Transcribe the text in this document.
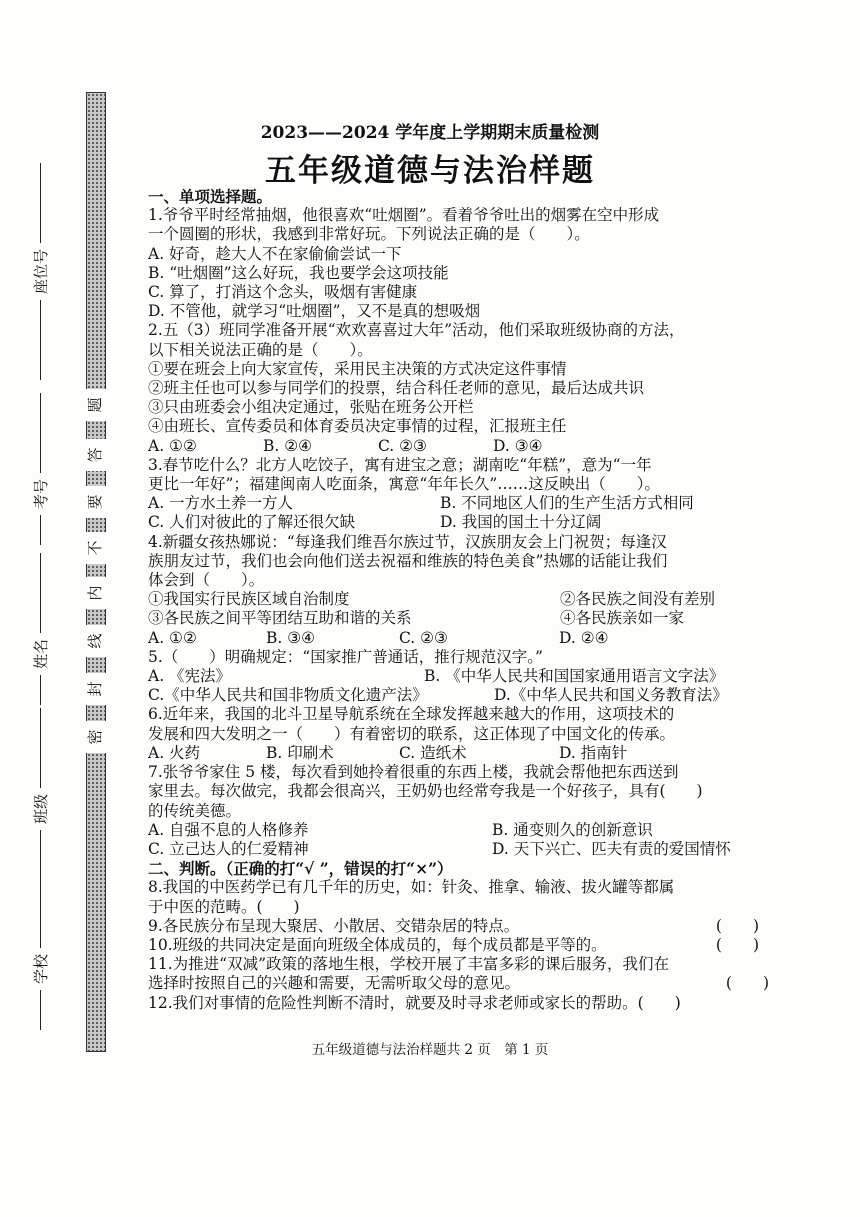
题
答
要
不
内
线
封
密
座位号
考号
姓名
班级
学校
2023——2024 学年度上学期期末质量检测
五年级道德与法治样题
一、单项选择题。
1.爷爷平时经常抽烟，他很喜欢“吐烟圈”。看着爷爷吐出的烟雾在空中形成
一个圆圈的形状，我感到非常好玩。下列说法正确的是（　　）。
A. 好奇，趁大人不在家偷偷尝试一下
B. “吐烟圈”这么好玩，我也要学会这项技能
C. 算了，打消这个念头，吸烟有害健康
D. 不管他，就学习“吐烟圈”，又不是真的想吸烟
2.五（3）班同学准备开展“欢欢喜喜过大年”活动，他们采取班级协商的方法，
以下相关说法正确的是（　　）。
①要在班会上向大家宣传，采用民主决策的方式决定这件事情
②班主任也可以参与同学们的投票，结合科任老师的意见，最后达成共识
③只由班委会小组决定通过，张贴在班务公开栏
④由班长、宣传委员和体育委员决定事情的过程，汇报班主任
A. ①②	B. ②④	C. ②③	D. ③④
3.春节吃什么？北方人吃饺子，寓有进宝之意；湖南吃“年糕”，意为“一年
更比一年好”；福建闽南人吃面条，寓意“年年长久”……这反映出（　　）。
A. 一方水土养一方人	B. 不同地区人们的生产生活方式相同
C. 人们对彼此的了解还很欠缺	D. 我国的国土十分辽阔
4.新疆女孩热娜说：“每逢我们维吾尔族过节，汉族朋友会上门祝贺；每逢汉
族朋友过节，我们也会向他们送去祝福和维族的特色美食”热娜的话能让我们
体会到（　　）。
①我国实行民族区域自治制度	②各民族之间没有差别
③各民族之间平等团结互助和谐的关系	④各民族亲如一家
A. ①②	B. ③④	C. ②③	D. ②④
5.（　　）明确规定：“国家推广普通话，推行规范汉字。”
A. 《宪法》	B. 《中华人民共和国国家通用语言文字法》
C.《中华人民共和国非物质文化遗产法》	D.《中华人民共和国义务教育法》
6.近年来，我国的北斗卫星导航系统在全球发挥越来越大的作用，这项技术的
发展和四大发明之一（　　）有着密切的联系，这正体现了中国文化的传承。
A. 火药	B. 印刷术	C. 造纸术	D. 指南针
7.张爷爷家住 5 楼，每次看到她拎着很重的东西上楼，我就会帮他把东西送到
家里去。每次做完，我都会很高兴，王奶奶也经常夸我是一个好孩子，具有(　　)
的传统美德。
A. 自强不息的人格修养	B. 通变则久的创新意识
C. 立己达人的仁爱精神	D. 天下兴亡、匹夫有责的爱国情怀
二、判断。（正确的打“√ ”，错误的打“×”）
8.我国的中医药学已有几千年的历史，如：针灸、推拿、输液、拔火罐等都属
于中医的范畴。(　　)
9.各民族分布呈现大聚居、小散居、交错杂居的特点。	(　　)
10.班级的共同决定是面向班级全体成员的，每个成员都是平等的。	(　　)
11.为推进“双减”政策的落地生根，学校开展了丰富多彩的课后服务，我们在
选择时按照自己的兴趣和需要，无需听取父母的意见。	(　　)
12.我们对事情的危险性判断不清时，就要及时寻求老师或家长的帮助。(　　)
五年级道德与法治样题共 2 页　第 1 页
